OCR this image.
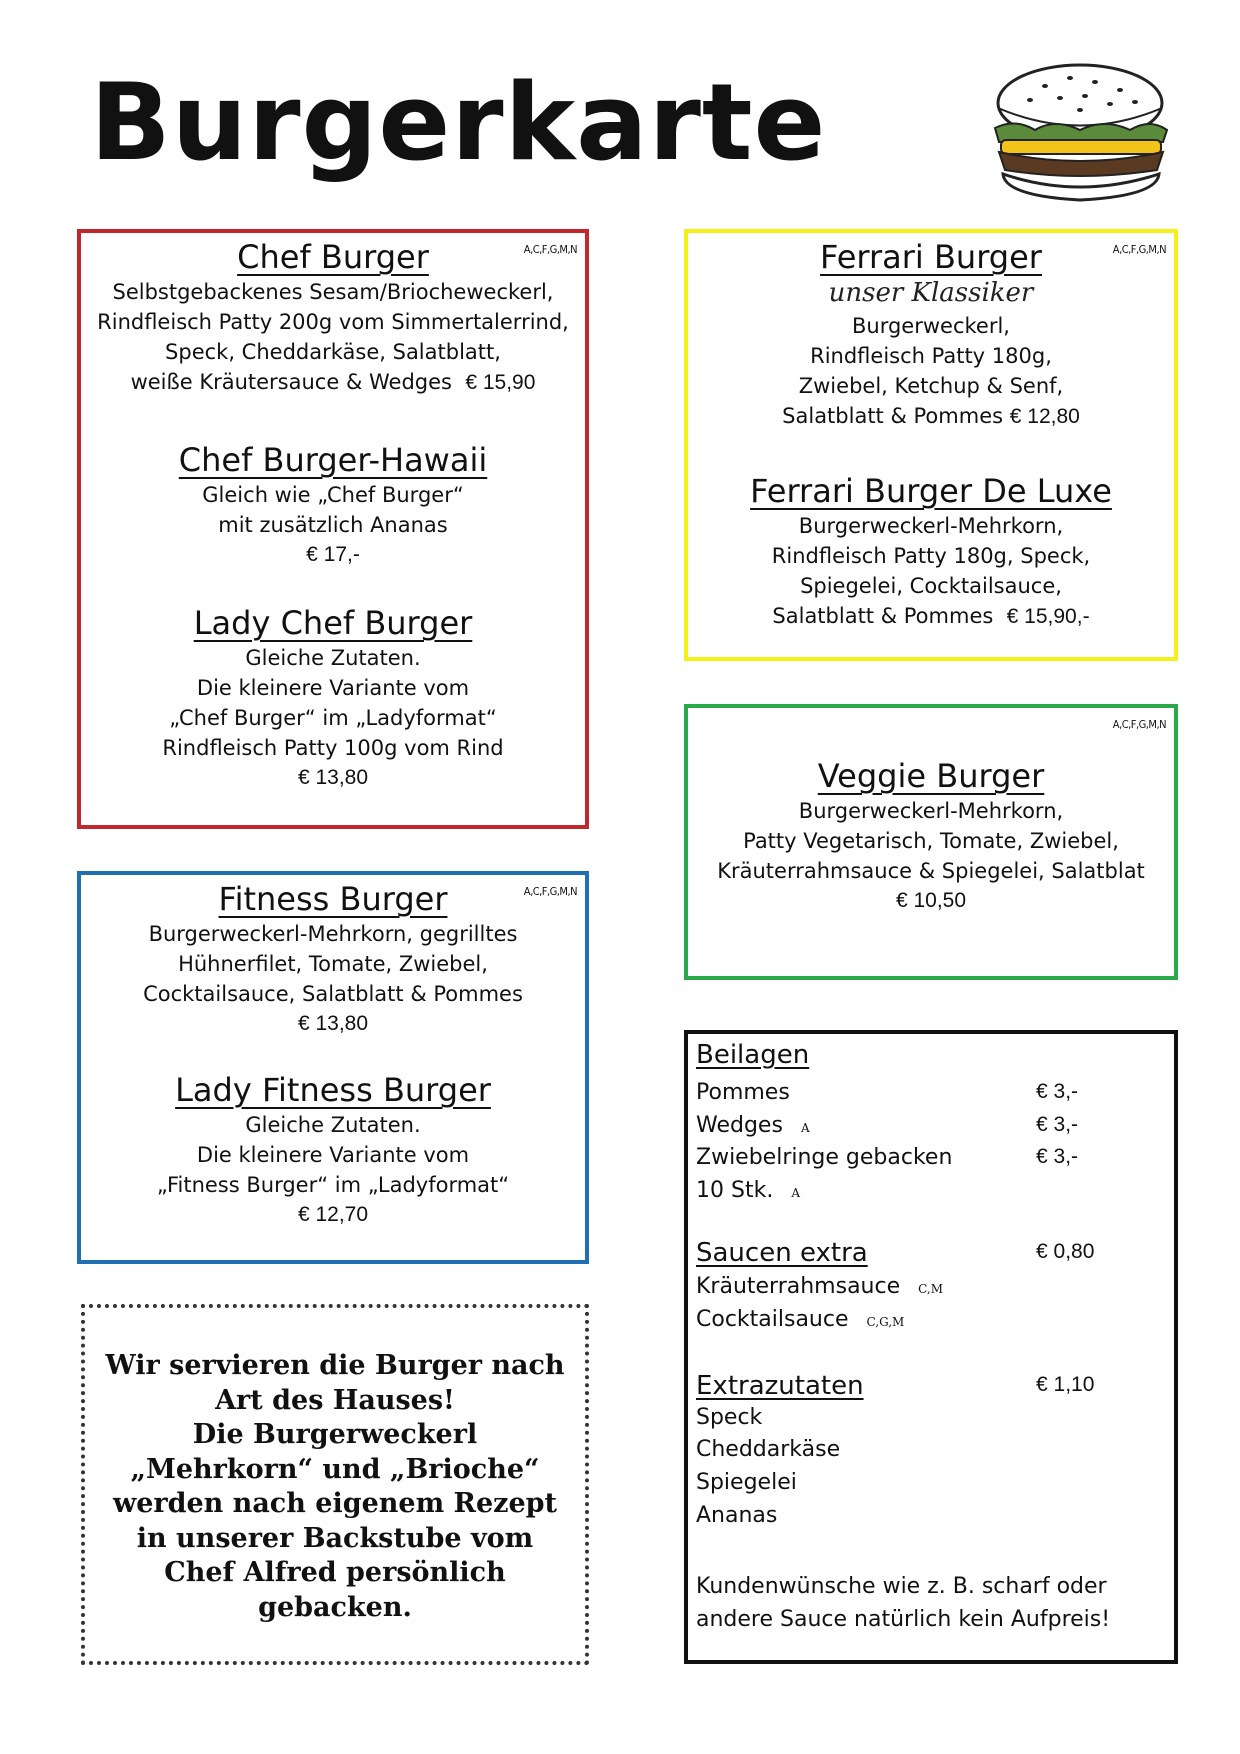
Burgerkarte
A,C,F,G,M,N
Chef Burger
Selbstgebackenes Sesam/Briocheweckerl,
Rindfleisch Patty 200g vom Simmertalerrind,
Speck, Cheddarkäse, Salatblatt,
weiße Kräutersauce & Wedges € 15,90
Chef Burger-Hawaii
Gleich wie „Chef Burger“
mit zusätzlich Ananas
€ 17,-
Lady Chef Burger
Gleiche Zutaten.
Die kleinere Variante vom
„Chef Burger“ im „Ladyformat“
Rindfleisch Patty 100g vom Rind
€ 13,80
A,C,F,G,M,N
Ferrari Burger
unser Klassiker
Burgerweckerl,
Rindfleisch Patty 180g,
Zwiebel, Ketchup & Senf,
Salatblatt & Pommes € 12,80
Ferrari Burger De Luxe
Burgerweckerl-Mehrkorn,
Rindfleisch Patty 180g, Speck,
Spiegelei, Cocktailsauce,
Salatblatt & Pommes € 15,90,-
A,C,F,G,M,N
Veggie Burger
Burgerweckerl-Mehrkorn,
Patty Vegetarisch, Tomate, Zwiebel,
Kräuterrahmsauce & Spiegelei, Salatblat
€ 10,50
A,C,F,G,M,N
Fitness Burger
Burgerweckerl-Mehrkorn, gegrilltes
Hühnerfilet, Tomate, Zwiebel,
Cocktailsauce, Salatblatt & Pommes
€ 13,80
Lady Fitness Burger
Gleiche Zutaten.
Die kleinere Variante vom
„Fitness Burger“ im „Ladyformat“
€ 12,70
Wir servieren die Burger nach
Art des Hauses!
Die Burgerweckerl
„Mehrkorn“ und „Brioche“
werden nach eigenem Rezept
in unserer Backstube vom
Chef Alfred persönlich
gebacken.
Beilagen
Pommes	€ 3,-
Wedges A	€ 3,-
Zwiebelringe gebacken	€ 3,-
10 Stk. A
Saucen extra	€ 0,80
Kräuterrahmsauce C,M
Cocktailsauce C,G,M
Extrazutaten	€ 1,10
Speck
Cheddarkäse
Spiegelei
Ananas
Kundenwünsche wie z. B. scharf oder
andere Sauce natürlich kein Aufpreis!
